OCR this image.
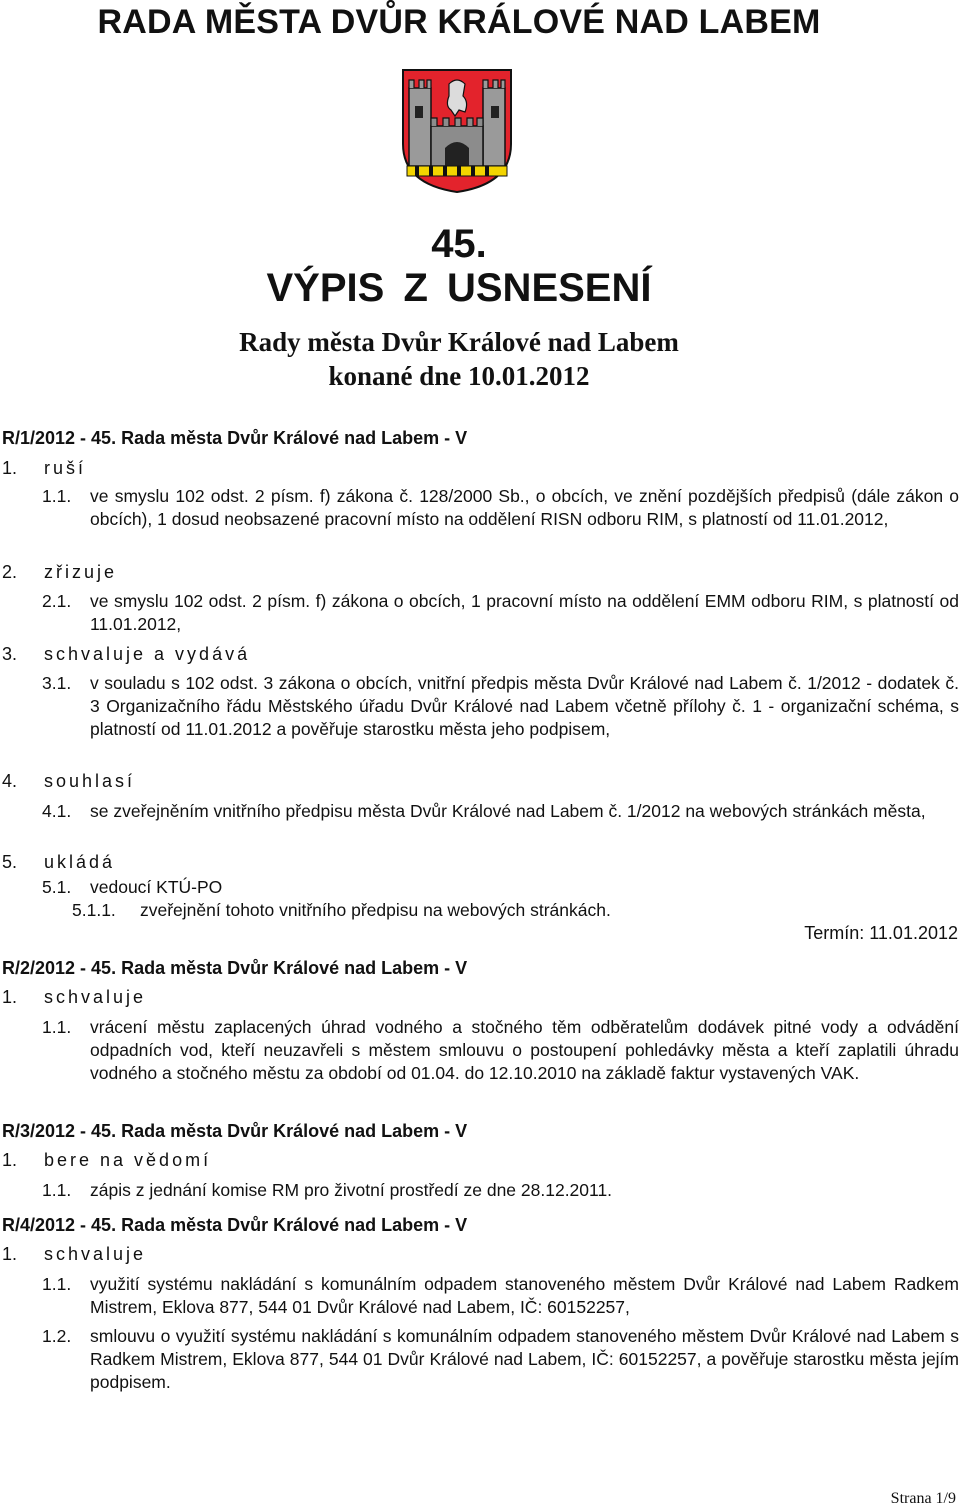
RADA MĚSTA DVŮR KRÁLOVÉ NAD LABEM
45.
VÝPIS Z USNESENÍ
Rady města Dvůr Králové nad Labem
konané dne 10.01.2012
R/1/2012 - 45. Rada města Dvůr Králové nad Labem - V
1. ruší
1.1. ve smyslu 102 odst. 2 písm. f) zákona č. 128/2000 Sb., o obcích, ve znění pozdějších předpisů (dále zákon o obcích), 1 dosud neobsazené pracovní místo na oddělení RISN odboru RIM, s platností od 11.01.2012,
2. zřizuje
2.1. ve smyslu 102 odst. 2 písm. f) zákona o obcích, 1 pracovní místo na oddělení EMM odboru RIM, s platností od 11.01.2012,
3. schvaluje a vydává
3.1. v souladu s 102 odst. 3 zákona o obcích, vnitřní předpis města Dvůr Králové nad Labem č. 1/2012 - dodatek č. 3 Organizačního řádu Městského úřadu Dvůr Králové nad Labem včetně přílohy č. 1 - organizační schéma, s platností od 11.01.2012 a pověřuje starostku města jeho podpisem,
4. souhlasí
4.1. se zveřejněním vnitřního předpisu města Dvůr Králové nad Labem č. 1/2012 na webových stránkách města,
5. ukládá
5.1. vedoucí KTÚ-PO
5.1.1. zveřejnění tohoto vnitřního předpisu na webových stránkách.
Termín: 11.01.2012
R/2/2012 - 45. Rada města Dvůr Králové nad Labem - V
1. schvaluje
1.1. vrácení městu zaplacených úhrad vodného a stočného těm odběratelům dodávek pitné vody a odvádění odpadních vod, kteří neuzavřeli s městem smlouvu o postoupení pohledávky města a kteří zaplatili úhradu vodného a stočného městu za období od 01.04. do 12.10.2010 na základě faktur vystavených VAK.
R/3/2012 - 45. Rada města Dvůr Králové nad Labem - V
1. bere na vědomí
1.1. zápis z jednání komise RM pro životní prostředí ze dne 28.12.2011.
R/4/2012 - 45. Rada města Dvůr Králové nad Labem - V
1. schvaluje
1.1. využití systému nakládání s komunálním odpadem stanoveného městem Dvůr Králové nad Labem Radkem Mistrem, Eklova 877, 544 01 Dvůr Králové nad Labem, IČ: 60152257,
1.2. smlouvu o využití systému nakládání s komunálním odpadem stanoveného městem Dvůr Králové nad Labem s Radkem Mistrem, Eklova 877, 544 01 Dvůr Králové nad Labem, IČ: 60152257, a pověřuje starostku města jejím podpisem.
Strana 1/9
